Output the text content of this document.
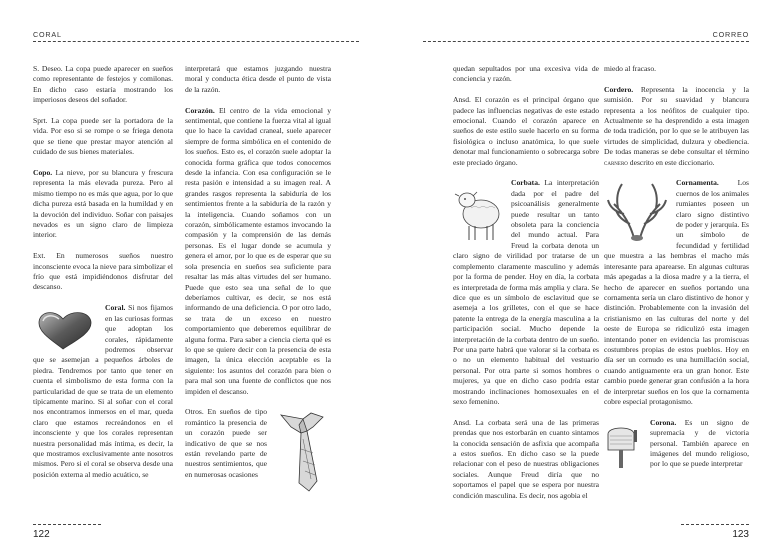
CORAL

S. Deseo. La copa puede aparecer en sueños como representante de festejos y comilonas. En dicho caso estaría mostrando los imperiosos deseos del soñador.

Sprt. La copa puede ser la portadora de la vida. Por eso si se rompe o se friega denota que se tiene que prestar mayor atención al cuidado de sus bienes materiales.

Copo. La nieve, por su blancura y frescura representa la más elevada pureza. Pero al mismo tiempo no es más que agua, por lo que dicha pureza está basada en la humildad y en la devoción del individuo. Soñar con paisajes nevados es un signo claro de limpieza interior.

Ext. En numerosos sueños nuestro inconsciente evoca la nieve para simbolizar el frío que está impidiéndonos disfrutar del descanso.

Coral. Si nos fijamos en las curiosas formas que adoptan los corales, rápidamente podremos observar que se asemejan a pequeños árboles de piedra. Tendremos por tanto que tener en cuenta el simbolismo de esta forma con la particularidad de que se trata de un elemento típicamente marino. Si al soñar con el coral nos encontramos inmersos en el mar, queda claro que estamos recreándonos en el inconsciente y que los corales representan nuestra personalidad más íntima, es decir, la que mostramos exclusivamente ante nosotros mismos. Pero si el coral se observa desde una posición externa al medio acuático, se

interpretará que estamos juzgando nuestra moral y conducta ética desde el punto de vista de la razón.

Corazón. El centro de la vida emocional y sentimental, que contiene la fuerza vital al igual que lo hace la cavidad craneal, suele aparecer siempre de forma simbólica en el contenido de los sueños. Esto es, el corazón suele adoptar la conocida forma gráfica que todos conocemos desde la infancia. Con esa configuración se le resta pasión e intensidad a su imagen real. A grandes rasgos representa la sabiduría de los sentimientos frente a la sabiduría de la razón y la inteligencia. Cuando soñamos con un corazón, simbólicamente estamos invocando la compasión y la comprensión de las demás personas. Es el lugar donde se acumula y genera el amor, por lo que es de esperar que su sola presencia en sueños sea suficiente para resaltar las más altas virtudes del ser humano. Puede que esto sea una señal de lo que deberíamos cultivar, es decir, se nos está informando de una deficiencia. O por otro lado, se trata de un exceso en nuestro comportamiento que deberemos equilibrar de alguna forma. Para saber a ciencia cierta qué es lo que se quiere decir con la presencia de esta imagen, la única elección aceptable es la siguiente: los asuntos del corazón para bien o para mal son una fuente de conflictos que nos impiden el descanso.

Otros. En sueños de tipo romántico la presencia de un corazón puede ser indicativo de que se nos están revelando parte de nuestros sentimientos, que en numerosas ocasiones

122
CORREO

quedan sepultados por una excesiva vida de conciencia y razón.

Ansd. El corazón es el principal órgano que padece las influencias negativas de este estado emocional. Cuando el corazón aparece en sueños de este estilo suele hacerlo en su forma fisiológica o incluso anatómica, lo que suele denotar mal funcionamiento o sobrecarga sobre este preciado órgano.

Corbata. La interpretación dada por el padre del psicoanálisis generalmente puede resultar un tanto obsoleta para la conciencia del mundo actual. Para Freud la corbata denota un claro signo de virilidad por tratarse de un complemento claramente masculino y además por la forma de pender. Hoy en día, la corbata es interpretada de forma más amplia y clara. Se dice que es un símbolo de esclavitud que se asemeja a los grilletes, con el que se hace patente la entrega de la energía masculina a la participación social. Mucho depende la interpretación de la corbata dentro de un sueño. Por una parte habrá que valorar si la corbata es o no un elemento habitual del vestuario personal. Por otra parte si somos hombres o mujeres, ya que en dicho caso podría estar mostrando inclinaciones homosexuales en el sexo femenino.

Ansd. La corbata será una de las primeras prendas que nos estorbarán en cuanto sintamos la conocida sensación de asfixia que acompaña a estos sueños. En dicho caso se la puede relacionar con el peso de nuestras obligaciones sociales. Aunque Freud diría que no soportamos el papel que se espera por nuestra condición masculina. Es decir, nos agobia el

miedo al fracaso.

Cordero. Representa la inocencia y la sumisión. Por su suavidad y blancura representa a los neófitos de cualquier tipo. Actualmente se ha desprendido a esta imagen de toda tradición, por lo que se le atribuyen las virtudes de simplicidad, dulzura y obediencia. De todas maneras se debe consultar el término carnero descrito en este diccionario.

Cornamenta. Los cuernos de los animales rumiantes poseen un claro signo distintivo de poder y jerarquía. Es un símbolo de fecundidad y fertilidad que muestra a las hembras el macho más interesante para aparearse. En algunas culturas más apegadas a la diosa madre y a la tierra, el hecho de aparecer en sueños portando una cornamenta sería un claro distintivo de honor y distinción. Probablemente con la invasión del cristianismo en las culturas del norte y del oeste de Europa se ridiculizó esta imagen intentando poner en evidencia las promiscuas costumbres propias de estos pueblos. Hoy en día ser un cornudo es una humillación social, cuando antiguamente era un gran honor. Este cambio puede generar gran confusión a la hora de interpretar sueños en los que la cornamenta cobre especial protagonismo.

Corona. Es un signo de supremacía y de victoria personal. También aparece en imágenes del mundo religioso, por lo que se puede interpretar

123
